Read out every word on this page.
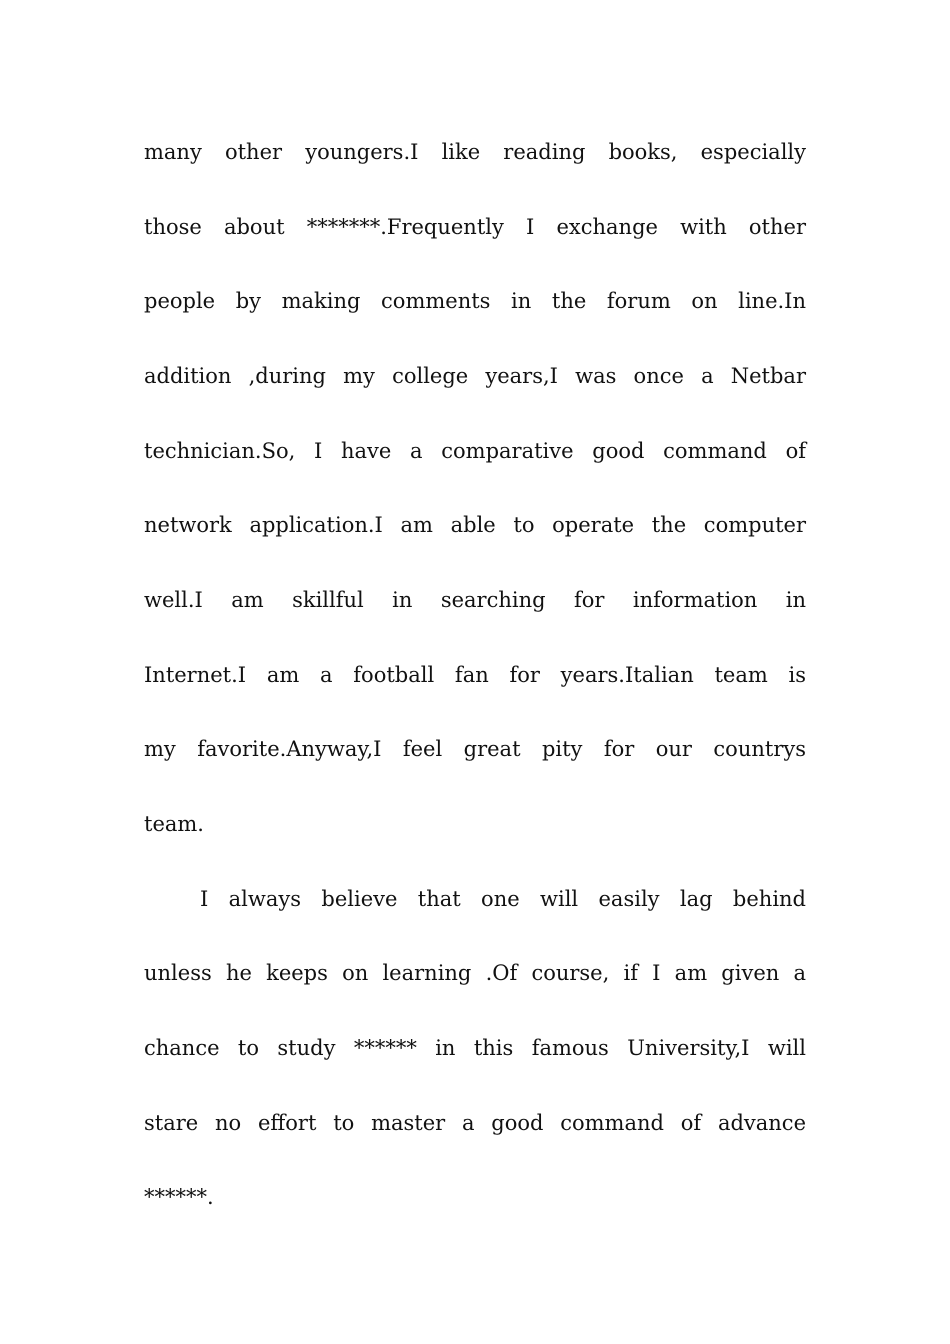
many other youngers.I like reading books, especially
those about *******.Frequently I exchange with other
people by making comments in the forum on line.In
addition ,during my college years,I was once a Netbar
technician.So, I have a comparative good command of
network application.I am able to operate the computer
well.I am skillful in searching for information in
Internet.I am a football fan for years.Italian team is
my favorite.Anyway,I feel great pity for our countrys
team.
I always believe that one will easily lag behind
unless he keeps on learning .Of course, if I am given a
chance to study ****** in this famous University,I will
stare no effort to master a good command of advance
******.
